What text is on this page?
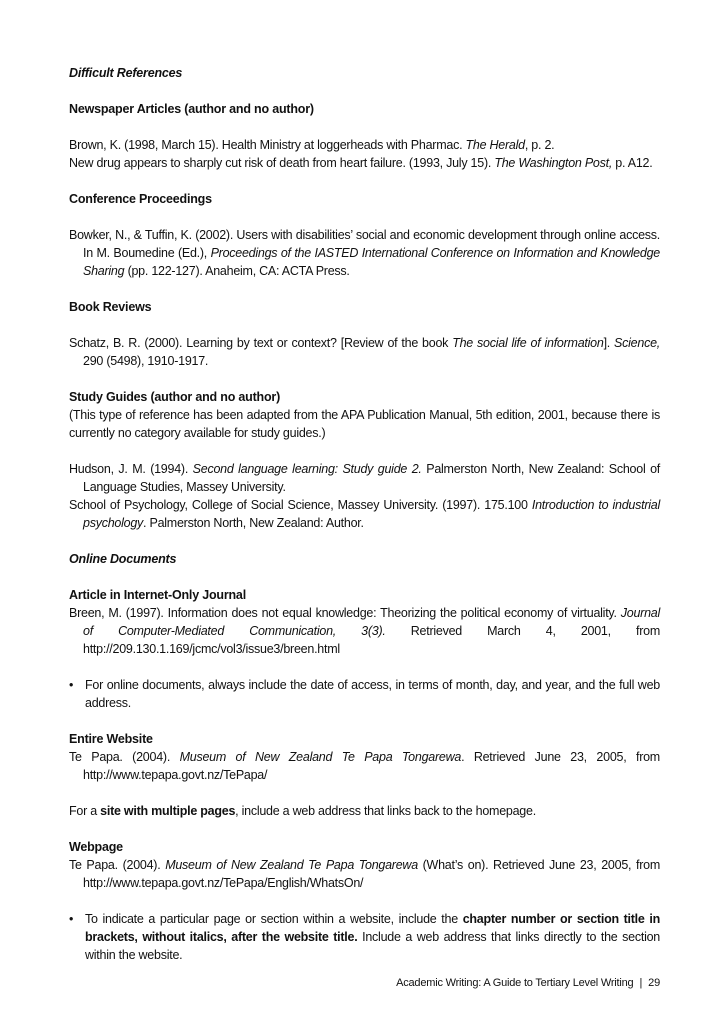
Difficult References

Newspaper Articles (author and no author)

Brown, K. (1998, March 15). Health Ministry at loggerheads with Pharmac. The Herald, p. 2.

New drug appears to sharply cut risk of death from heart failure. (1993, July 15). The Washington Post, p. A12.

Conference Proceedings

Bowker, N., & Tuffin, K. (2002). Users with disabilities’ social and economic development through online access. In M. Boumedine (Ed.), Proceedings of the IASTED International Conference on Information and Knowledge Sharing (pp. 122-127). Anaheim, CA: ACTA Press.

Book Reviews

Schatz, B. R. (2000). Learning by text or context? [Review of the book The social life of information]. Science, 290 (5498), 1910-1917.

Study Guides (author and no author)

(This type of reference has been adapted from the APA Publication Manual, 5th edition, 2001, because there is currently no category available for study guides.)

Hudson, J. M. (1994). Second language learning: Study guide 2. Palmerston North, New Zealand: School of Language Studies, Massey University.

School of Psychology, College of Social Science, Massey University. (1997). 175.100 Introduction to industrial psychology. Palmerston North, New Zealand: Author.

Online Documents

Article in Internet-Only Journal

Breen, M. (1997). Information does not equal knowledge: Theorizing the political economy of virtuality. Journal of Computer-Mediated Communication, 3(3). Retrieved March 4, 2001, from http://209.130.1.169/jcmc/vol3/issue3/breen.html

• For online documents, always include the date of access, in terms of month, day, and year, and the full web address.

Entire Website

Te Papa. (2004). Museum of New Zealand Te Papa Tongarewa. Retrieved June 23, 2005, from http://www.tepapa.govt.nz/TePapa/

For a site with multiple pages, include a web address that links back to the homepage.

Webpage

Te Papa. (2004). Museum of New Zealand Te Papa Tongarewa (What’s on). Retrieved June 23, 2005, from http://www.tepapa.govt.nz/TePapa/English/WhatsOn/

• To indicate a particular page or section within a website, include the chapter number or section title in brackets, without italics, after the website title. Include a web address that links directly to the section within the website.

Academic Writing: A Guide to Tertiary Level Writing | 29
